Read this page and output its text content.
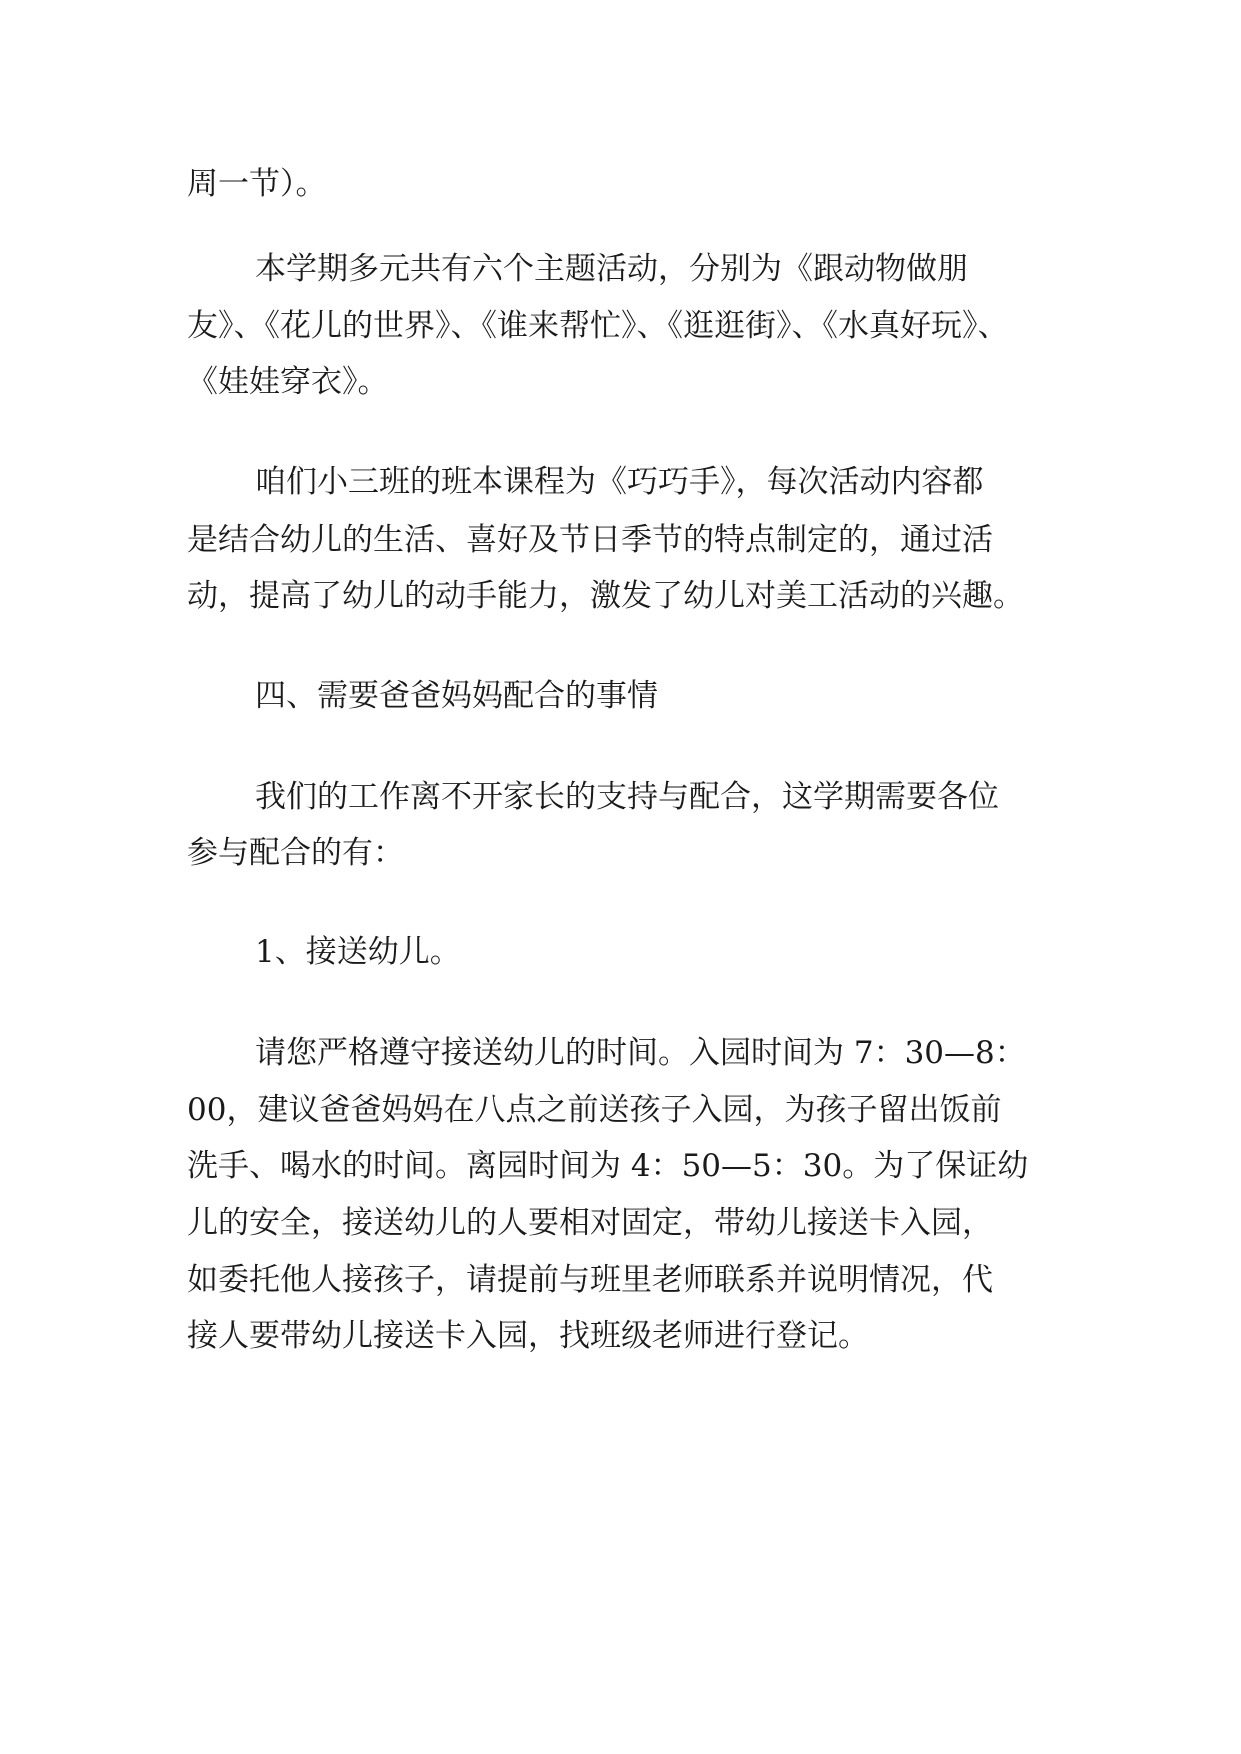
周一节）。
本学期多元共有六个主题活动，分别为《跟动物做朋
友》、《花儿的世界》、《谁来帮忙》、《逛逛街》、《水真好玩》、
《娃娃穿衣》。
咱们小三班的班本课程为《巧巧手》，每次活动内容都
是结合幼儿的生活、喜好及节日季节的特点制定的，通过活
动，提高了幼儿的动手能力，激发了幼儿对美工活动的兴趣。
四、需要爸爸妈妈配合的事情
我们的工作离不开家长的支持与配合，这学期需要各位
参与配合的有：
1、接送幼儿。
请您严格遵守接送幼儿的时间。入园时间为 7：30—8：
00，建议爸爸妈妈在八点之前送孩子入园，为孩子留出饭前
洗手、喝水的时间。离园时间为 4：50—5：30。为了保证幼
儿的安全，接送幼儿的人要相对固定，带幼儿接送卡入园，
如委托他人接孩子，请提前与班里老师联系并说明情况，代
接人要带幼儿接送卡入园，找班级老师进行登记。
